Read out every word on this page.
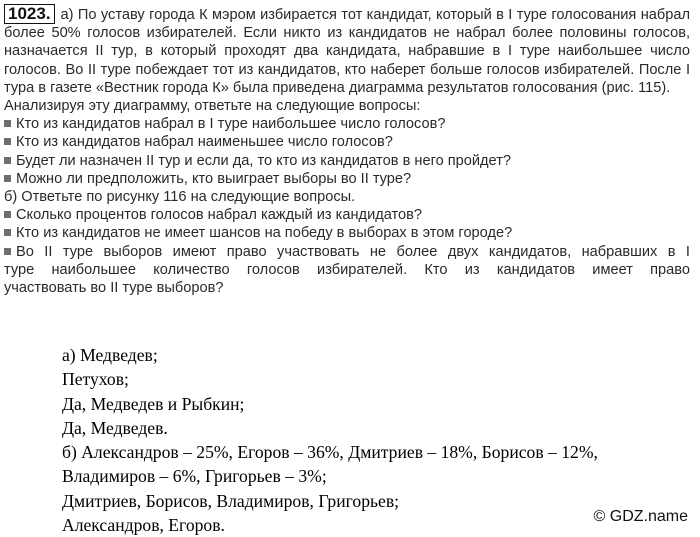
1023. а) По уставу города К мэром избирается тот кандидат, который в I туре голосования набрал более 50% голосов избирателей. Если никто из кандидатов не набрал более половины голосов, назначается II тур, в который проходят два кандидата, набравшие в I туре наибольшее число голосов. Во II туре побеждает тот из кандидатов, кто наберет больше голосов избирателей. После I тура в газете «Вестник города К» была приведена диаграмма результатов голосования (рис. 115).
Анализируя эту диаграмму, ответьте на следующие вопросы:
Кто из кандидатов набрал в I туре наибольшее число голосов?
Кто из кандидатов набрал наименьшее число голосов?
Будет ли назначен II тур и если да, то кто из кандидатов в него пройдет?
Можно ли предположить, кто выиграет выборы во II туре?
б) Ответьте по рисунку 116 на следующие вопросы.
Сколько процентов голосов набрал каждый из кандидатов?
Кто из кандидатов не имеет шансов на победу в выборах в этом городе?
Во II туре выборов имеют право участвовать не более двух кандидатов, набравших в I
туре наибольшее количество голосов избирателей. Кто из кандидатов имеет право
участвовать во II туре выборов?
а) Медведев;
Петухов;
Да, Медведев и Рыбкин;
Да, Медведев.
б) Александров – 25%, Егоров – 36%, Дмитриев – 18%, Борисов – 12%,
Владимиров – 6%, Григорьев – 3%;
Дмитриев, Борисов, Владимиров, Григорьев;
Александров, Егоров.	© GDZ.name
